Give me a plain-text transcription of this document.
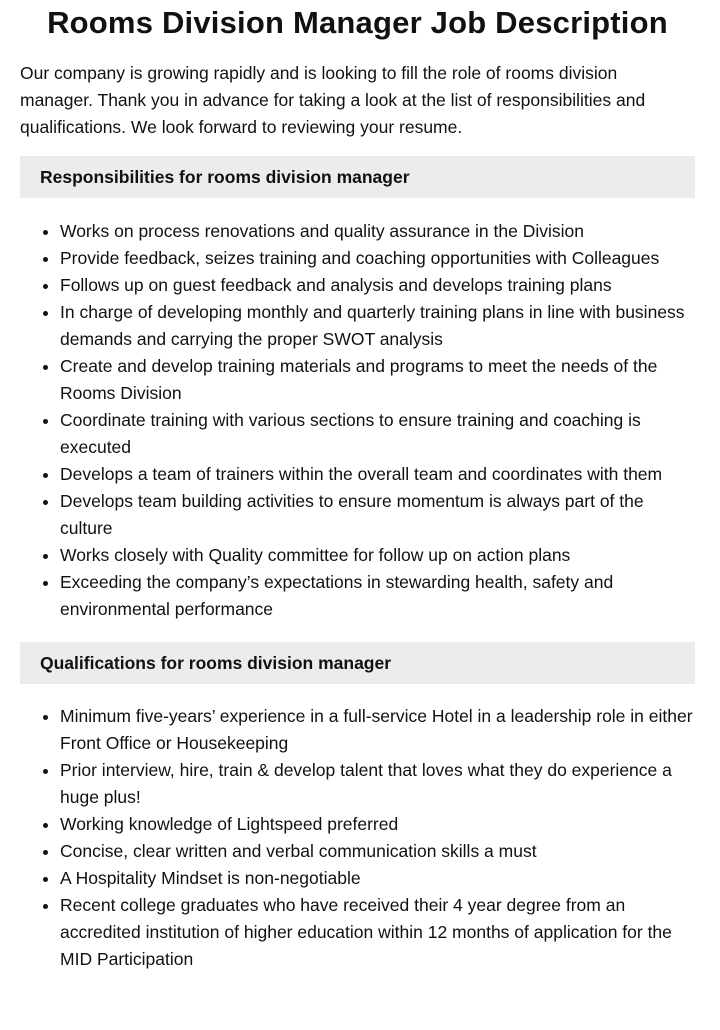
Rooms Division Manager Job Description

Our company is growing rapidly and is looking to fill the role of rooms division manager. Thank you in advance for taking a look at the list of responsibilities and qualifications. We look forward to reviewing your resume.

Responsibilities for rooms division manager
• Works on process renovations and quality assurance in the Division
• Provide feedback, seizes training and coaching opportunities with Colleagues
• Follows up on guest feedback and analysis and develops training plans
• In charge of developing monthly and quarterly training plans in line with business demands and carrying the proper SWOT analysis
• Create and develop training materials and programs to meet the needs of the Rooms Division
• Coordinate training with various sections to ensure training and coaching is executed
• Develops a team of trainers within the overall team and coordinates with them
• Develops team building activities to ensure momentum is always part of the culture
• Works closely with Quality committee for follow up on action plans
• Exceeding the company’s expectations in stewarding health, safety and environmental performance
Qualifications for rooms division manager
• Minimum five-years’ experience in a full-service Hotel in a leadership role in either Front Office or Housekeeping
• Prior interview, hire, train & develop talent that loves what they do experience a huge plus!
• Working knowledge of Lightspeed preferred
• Concise, clear written and verbal communication skills a must
• A Hospitality Mindset is non-negotiable
• Recent college graduates who have received their 4 year degree from an accredited institution of higher education within 12 months of application for the MID Participation
